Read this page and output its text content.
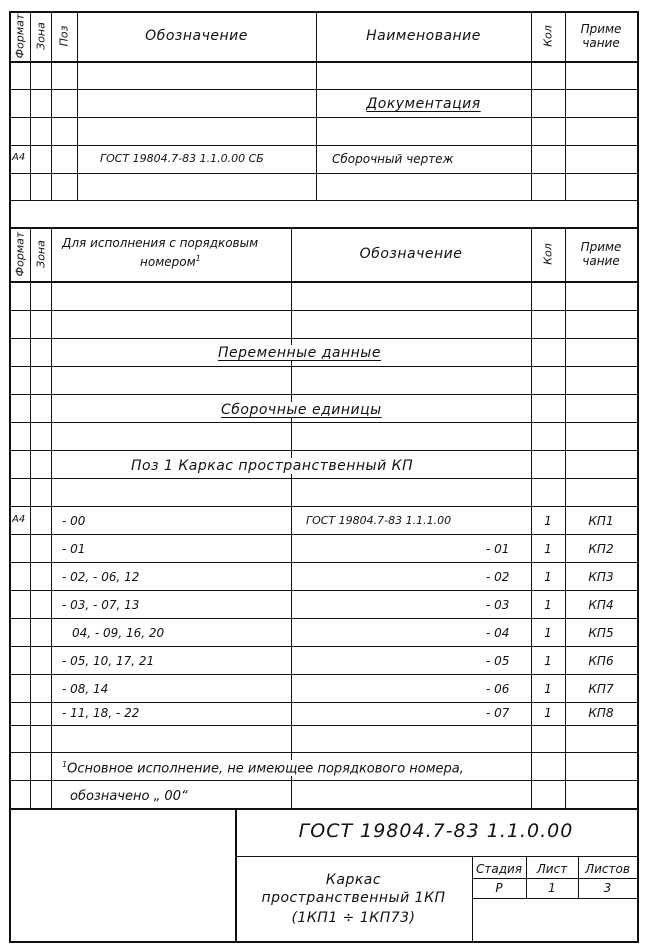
Формат Зона Поз	Обозначение	Наименование	Кол	Приме
чание
Документация
А4	ГОСТ 19804.7-83 1.1.0.00 СБ	Сборочный чертеж
Формат Зона Для исполнения с порядковым
номером$^1$	Обозначение	Кол	Приме
чание
Переменные данные
Сборочные единицы
Поз 1 Каркас пространственный КП
А4	- 00	ГОСТ 19804.7-83 1.1.1.00	1	КП1
- 01	- 01	1	КП2
- 02, - 06, 12	- 02	1	КП3
- 03, - 07, 13	- 03	1	КП4
04, - 09, 16, 20	- 04	1	КП5
- 05, 10, 17, 21	- 05	1	КП6
- 08, 14	- 06	1	КП7
- 11, 18, - 22	- 07	1	КП8
$^1$Основное исполнение, не имеющее порядкового номера,
обозначено „ 00“
ГОСТ 19804.7-83 1.1.0.00
Каркас
пространственный 1КП
(1КП1 ÷ 1КП73)
Стадия	Лист	Листов
Р	1	3
